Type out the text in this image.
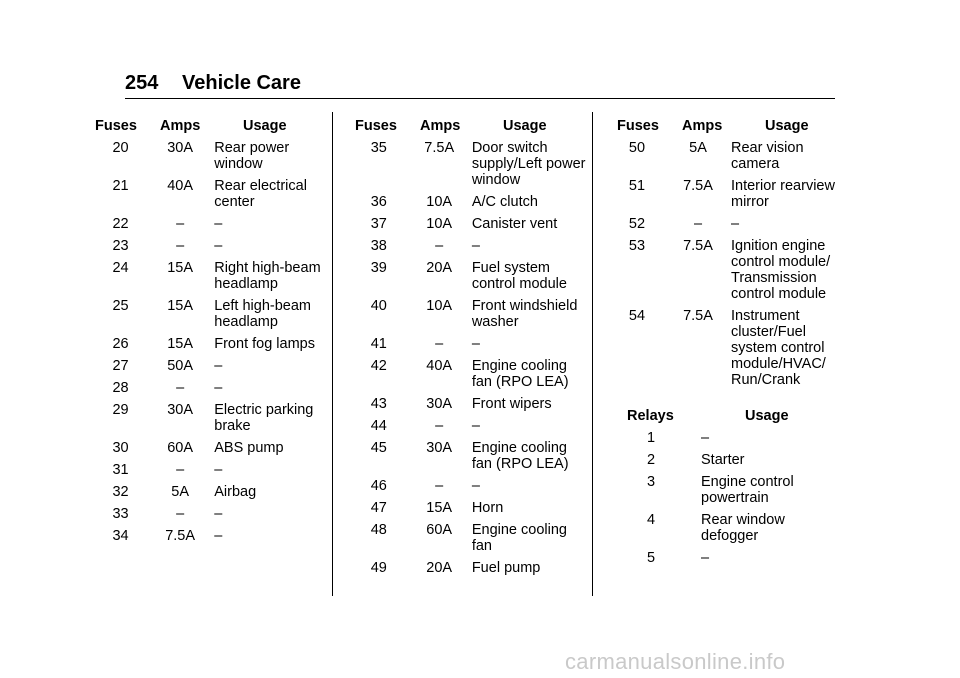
254 Vehicle Care
Fuses Amps	Usage
20	30A	Rear power window
21	40A	Rear electrical center
22	–	–
23	–	–
24	15A	Right high-beam headlamp
25	15A	Left high-beam headlamp
26	15A	Front fog lamps
27	50A	–
28	–	–
29	30A	Electric parking brake
30	60A	ABS pump
31	–	–
32	5A	Airbag
33	–	–
34	7.5A	–
Fuses Amps	Usage
35	7.5A	Door switch supply/Left power window
36	10A	A/C clutch
37	10A	Canister vent
38	–	–
39	20A	Fuel system control module
40	10A	Front windshield washer
41	–	–
42	40A	Engine cooling fan (RPO LEA)
43	30A	Front wipers
44	–	–
45	30A	Engine cooling fan (RPO LEA)
46	–	–
47	15A	Horn
48	60A	Engine cooling fan
49	20A	Fuel pump
Fuses Amps	Usage
50	5A	Rear vision camera
51	7.5A	Interior rearview mirror
52	–	–
53	7.5A	Ignition engine control module/ Transmission control module
54	7.5A	Instrument cluster/Fuel system control module/HVAC/ Run/Crank
Relays	Usage
1	–
2	Starter
3	Engine control powertrain
4	Rear window defogger
5	–
carmanualsonline.info
